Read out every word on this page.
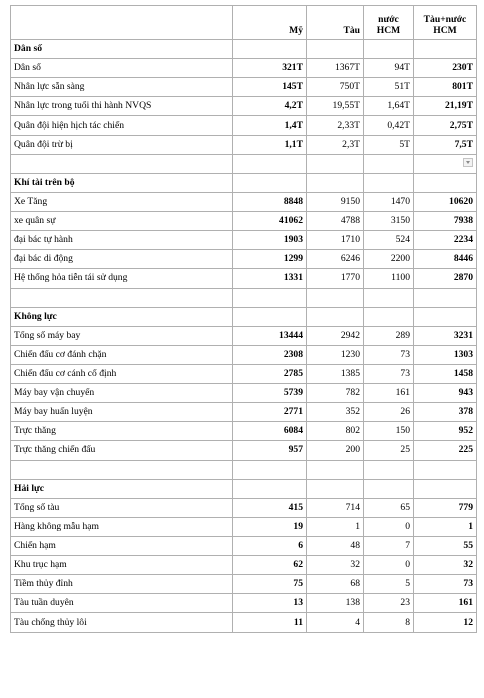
	Mỹ	Tàu	nước HCM	Tàu+nước HCM
Dân số				
Dân số	321T	1367T	94T	230T
Nhân lực sẵn sàng	145T	750T	51T	801T
Nhân lực trong tuổi thi hành NVQS	4,2T	19,55T	1,64T	21,19T
Quân đội hiện hịch tác chiến	1,4T	2,33T	0,42T	2,75T
Quân đội trừ bị	1,1T	2,3T	5T	7,5T

Khí tài trên bộ				
Xe Tăng	8848	9150	1470	10620
xe quân sự	41062	4788	3150	7938
đại bác tự hành	1903	1710	524	2234
đại bác di động	1299	6246	2200	8446
Hệ thống hỏa tiễn tái sử dụng	1331	1770	1100	2870

Không lực				
Tổng số máy bay	13444	2942	289	3231
Chiến đấu cơ đánh chặn	2308	1230	73	1303
Chiến đấu cơ cánh cố định	2785	1385	73	1458
Máy bay vận chuyển	5739	782	161	943
Máy bay huấn luyện	2771	352	26	378
Trực thăng	6084	802	150	952
Trực thăng chiến đấu	957	200	25	225

Hải lực				
Tổng số tàu	415	714	65	779
Hàng không mẫu hạm	19	1	0	1
Chiến hạm	6	48	7	55
Khu trục hạm	62	32	0	32
Tiềm thủy đỉnh	75	68	5	73
Tàu tuần duyên	13	138	23	161
Tàu chống thủy lôi	11	4	8	12
